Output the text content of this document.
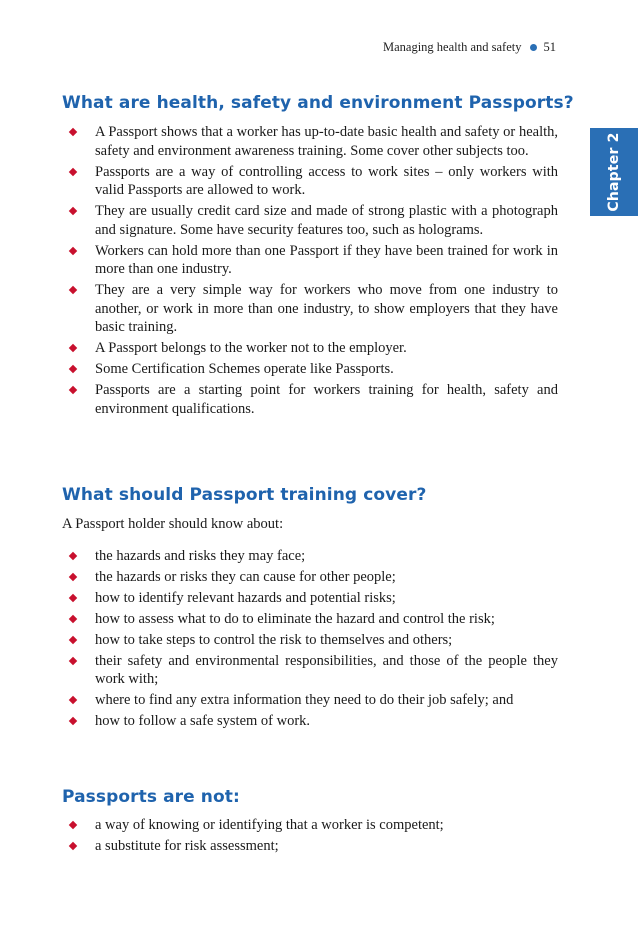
Managing health and safety 51
Chapter 2
What are health, safety and environment Passports?
A Passport shows that a worker has up-to-date basic health and safety or health, safety and environment awareness training. Some cover other subjects too.
Passports are a way of controlling access to work sites – only workers with valid Passports are allowed to work.
They are usually credit card size and made of strong plastic with a photograph and signature. Some have security features too, such as holograms.
Workers can hold more than one Passport if they have been trained for work in more than one industry.
They are a very simple way for workers who move from one industry to another, or work in more than one industry, to show employers that they have basic training.
A Passport belongs to the worker not to the employer.
Some Certification Schemes operate like Passports.
Passports are a starting point for workers training for health, safety and environment qualifications.
What should Passport training cover?

A Passport holder should know about:

the hazards and risks they may face;
the hazards or risks they can cause for other people;
how to identify relevant hazards and potential risks;
how to assess what to do to eliminate the hazard and control the risk;
how to take steps to control the risk to themselves and others;
their safety and environmental responsibilities, and those of the people they work with;
where to find any extra information they need to do their job safely; and
how to follow a safe system of work.
Passports are not:
a way of knowing or identifying that a worker is competent;
a substitute for risk assessment;
